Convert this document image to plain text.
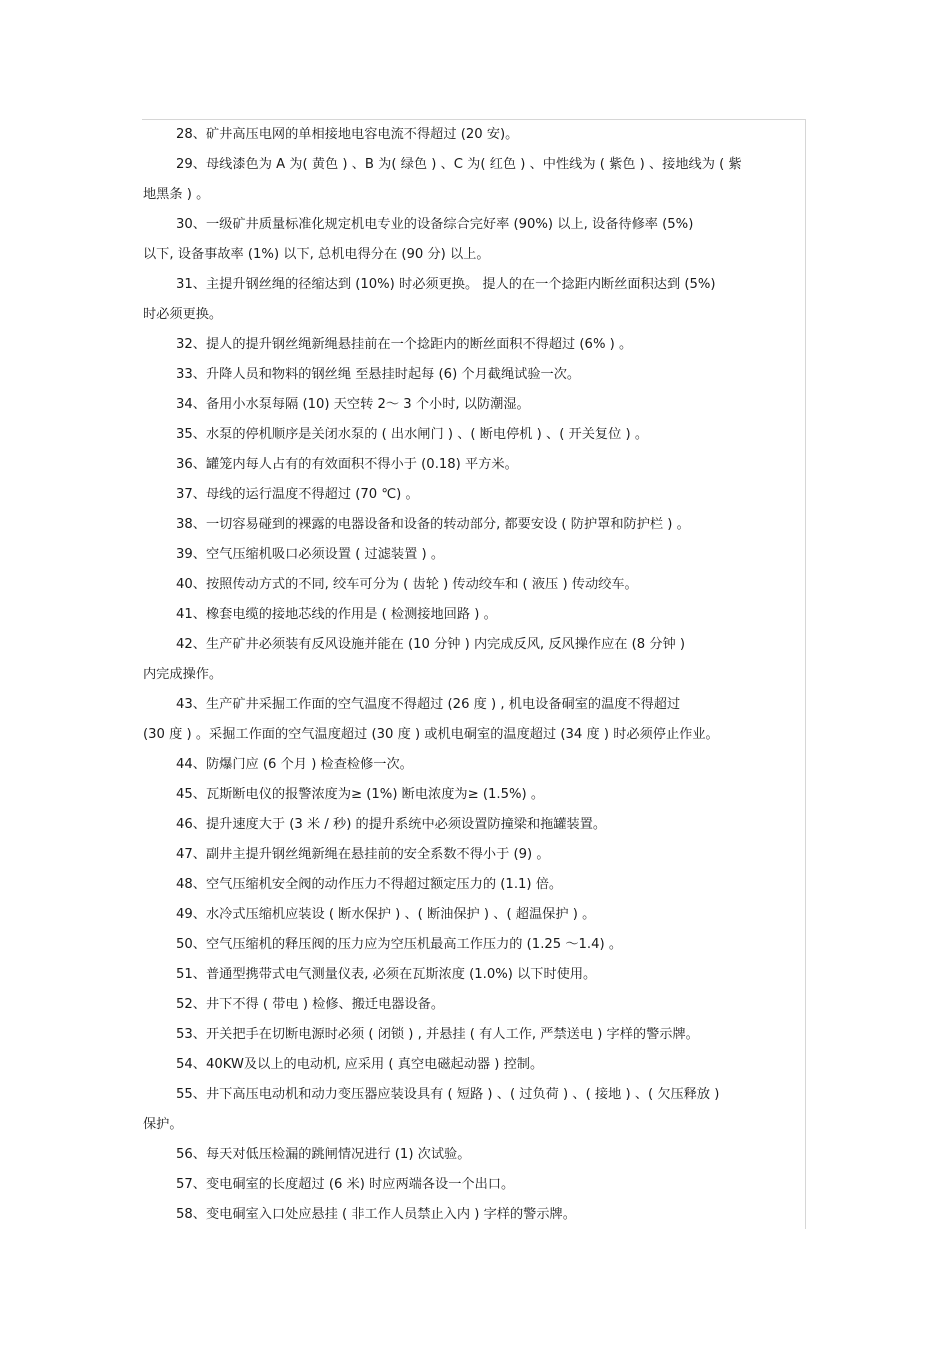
28、矿井高压电网的单相接地电容电流不得超过 (20 安)。

29、母线漆色为 A 为( 黄色 ) 、B 为( 绿色 ) 、C 为( 红色 ) 、中性线为 ( 紫色 ) 、接地线为 ( 紫
地黑条 ) 。

30、一级矿井质量标准化规定机电专业的设备综合完好率 (90%) 以上, 设备待修率 (5%)
以下, 设备事故率 (1%) 以下, 总机电得分在 (90 分) 以上。

31、主提升钢丝绳的径缩达到 (10%) 时必须更换。 提人的在一个捻距内断丝面积达到 (5%)
时必须更换。

32、提人的提升钢丝绳新绳悬挂前在一个捻距内的断丝面积不得超过 (6% ) 。

33、升降人员和物料的钢丝绳 至悬挂时起每 (6) 个月截绳试验一次。

34、备用小水泵每隔 (10) 天空转 2～ 3 个小时, 以防潮湿。

35、水泵的停机顺序是关闭水泵的 ( 出水闸门 ) 、( 断电停机 ) 、( 开关复位 ) 。

36、罐笼内每人占有的有效面积不得小于 (0.18) 平方米。

37、母线的运行温度不得超过 (70 ℃) 。

38、一切容易碰到的裸露的电器设备和设备的转动部分, 都要安设 ( 防护罩和防护栏 ) 。

39、空气压缩机吸口必须设置 ( 过滤装置 ) 。

40、按照传动方式的不同, 绞车可分为 ( 齿轮 ) 传动绞车和 ( 液压 ) 传动绞车。

41、橡套电缆的接地芯线的作用是 ( 检测接地回路 ) 。

42、生产矿井必须装有反风设施并能在 (10 分钟 ) 内完成反风, 反风操作应在 (8 分钟 )
内完成操作。

43、生产矿井采掘工作面的空气温度不得超过 (26 度 ) , 机电设备硐室的温度不得超过
(30 度 ) 。采掘工作面的空气温度超过 (30 度 ) 或机电硐室的温度超过 (34 度 ) 时必须停止作业。

44、防爆门应 (6 个月 ) 检查检修一次。

45、瓦斯断电仪的报警浓度为≥ (1%) 断电浓度为≥ (1.5%) 。

46、提升速度大于 (3 米 / 秒) 的提升系统中必须设置防撞梁和拖罐装置。

47、副井主提升钢丝绳新绳在悬挂前的安全系数不得小于 (9) 。

48、空气压缩机安全阀的动作压力不得超过额定压力的 (1.1) 倍。

49、水冷式压缩机应装设 ( 断水保护 ) 、( 断油保护 ) 、( 超温保护 ) 。

50、空气压缩机的释压阀的压力应为空压机最高工作压力的 (1.25 ～1.4) 。

51、普通型携带式电气测量仪表, 必须在瓦斯浓度 (1.0%) 以下时使用。

52、井下不得 ( 带电 ) 检修、搬迁电器设备。

53、开关把手在切断电源时必须 ( 闭锁 ) , 并悬挂 ( 有人工作, 严禁送电 ) 字样的警示牌。

54、40KW及以上的电动机, 应采用 ( 真空电磁起动器 ) 控制。

55、井下高压电动机和动力变压器应装设具有 ( 短路 ) 、( 过负荷 ) 、( 接地 ) 、( 欠压释放 )
保护。

56、每天对低压检漏的跳闸情况进行 (1) 次试验。

57、变电硐室的长度超过 (6 米) 时应两端各设一个出口。

58、变电硐室入口处应悬挂 ( 非工作人员禁止入内 ) 字样的警示牌。
